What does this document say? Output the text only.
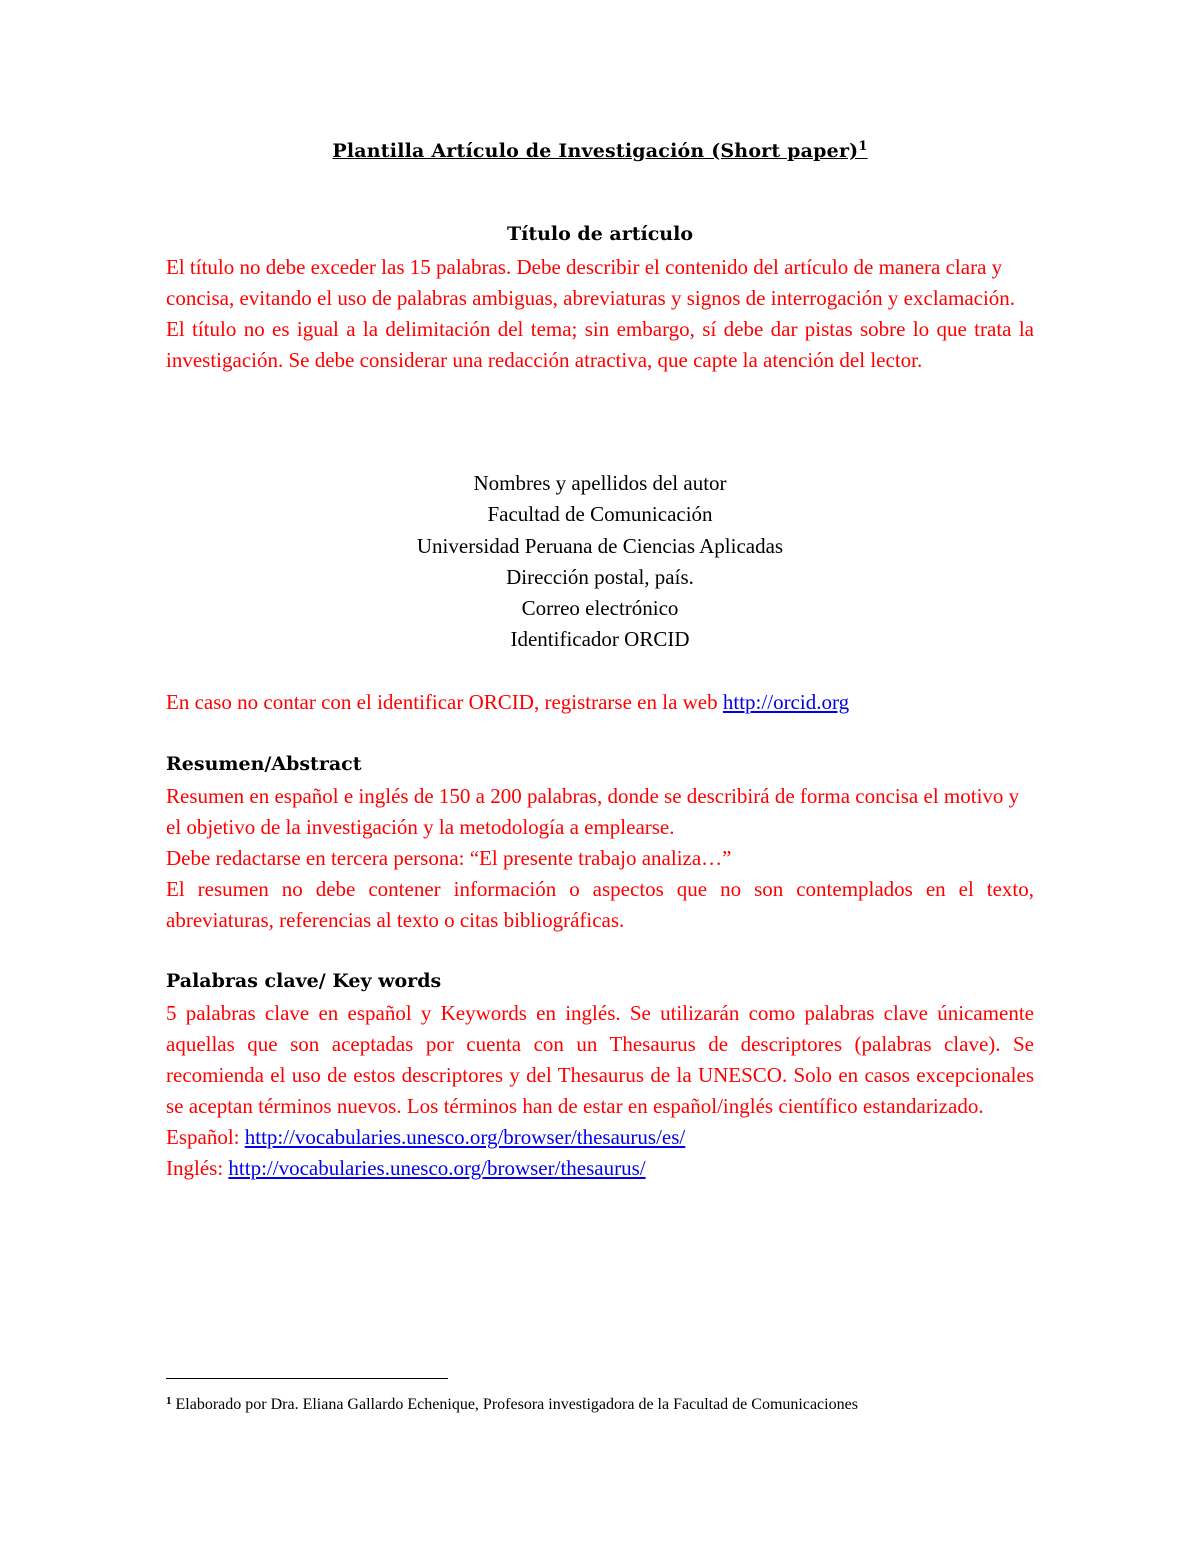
Plantilla Artículo de Investigación (Short paper)$^1$
Título de artículo
El título no debe exceder las 15 palabras. Debe describir el contenido del artículo de manera clara y concisa, evitando el uso de palabras ambiguas, abreviaturas y signos de interrogación y exclamación.
El título no es igual a la delimitación del tema; sin embargo, sí debe dar pistas sobre lo que trata la investigación. Se debe considerar una redacción atractiva, que capte la atención del lector.
Nombres y apellidos del autor
Facultad de Comunicación
Universidad Peruana de Ciencias Aplicadas
Dirección postal, país.
Correo electrónico
Identificador ORCID
En caso no contar con el identificar ORCID, registrarse en la web http://orcid.org
Resumen/Abstract
Resumen en español e inglés de 150 a 200 palabras, donde se describirá de forma concisa el motivo y el objetivo de la investigación y la metodología a emplearse.
Debe redactarse en tercera persona: “El presente trabajo analiza…”
El resumen no debe contener información o aspectos que no son contemplados en el texto, abreviaturas, referencias al texto o citas bibliográficas.
Palabras clave/ Key words
5 palabras clave en español y Keywords en inglés. Se utilizarán como palabras clave únicamente aquellas que son aceptadas por cuenta con un Thesaurus de descriptores (palabras clave). Se recomienda el uso de estos descriptores y del Thesaurus de la UNESCO. Solo en casos excepcionales se aceptan términos nuevos. Los términos han de estar en español/inglés científico estandarizado.
Español: http://vocabularies.unesco.org/browser/thesaurus/es/
Inglés: http://vocabularies.unesco.org/browser/thesaurus/
$^1$ Elaborado por Dra. Eliana Gallardo Echenique, Profesora investigadora de la Facultad de Comunicaciones
